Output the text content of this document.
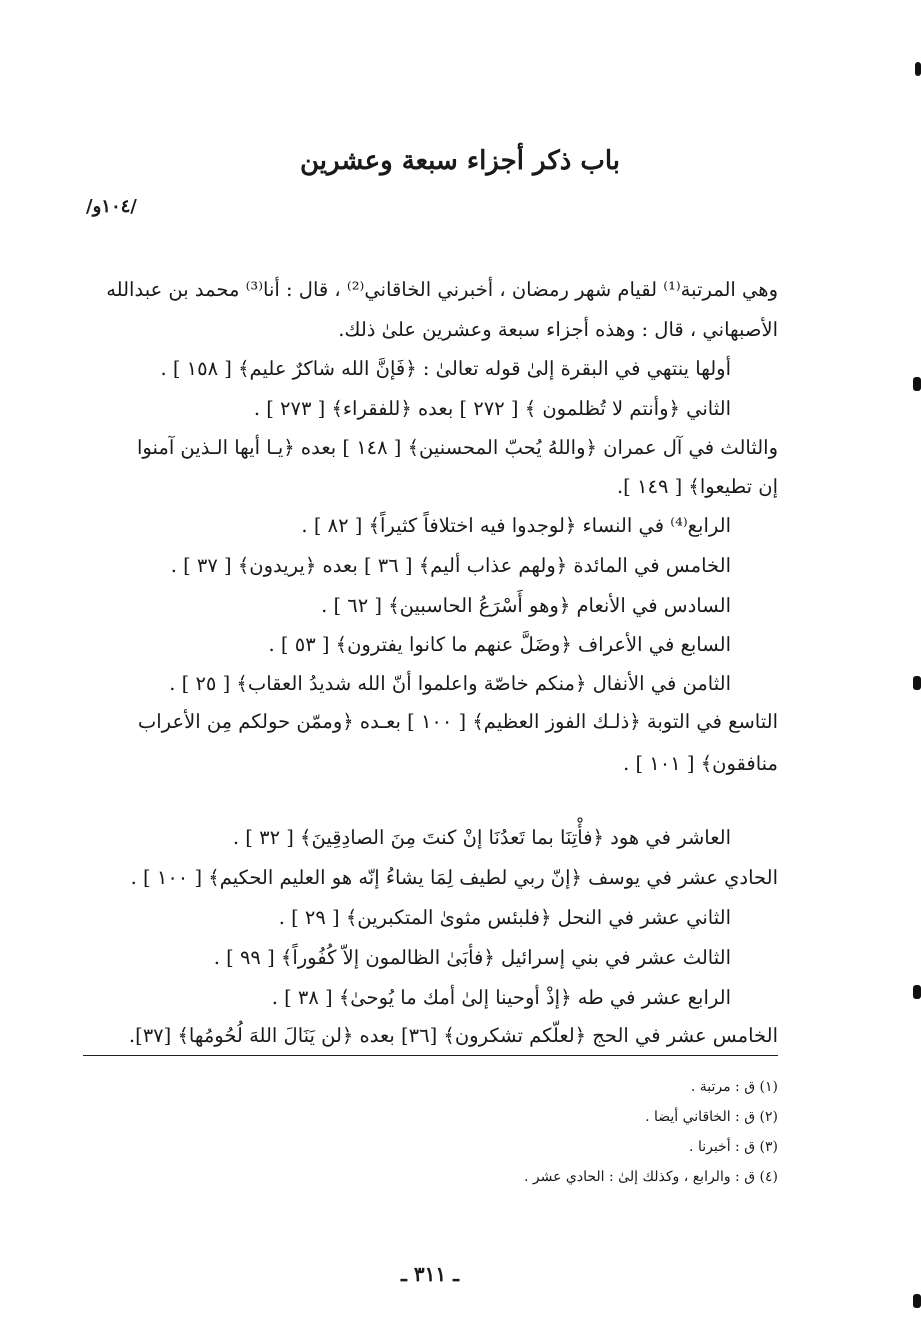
باب ذكر أجزاء سبعة وعشرين
/١٠٤و/
وهي المرتبة⁽¹⁾ لقيام شهر رمضان ، أخبرني الخاقاني⁽²⁾ ، قال : أنا⁽³⁾ محمد بن عبدالله
الأصبهاني ، قال : وهذه أجزاء سبعة وعشرين علىٰ ذلك.
أولها ينتهي في البقرة إلىٰ قوله تعالىٰ : ﴿فَإنَّ الله شاكرٌ عليم﴾ [ ١٥٨ ] .
الثاني ﴿وأنتم لا تُظلمون ﴾ [ ٢٧٢ ] بعده ﴿للفقراء﴾ [ ٢٧٣ ] .
والثالث في آل عمران ﴿واللهُ يُحبّ المحسنين﴾ [ ١٤٨ ] بعده ﴿يـا أيها الـذين آمنوا
إن تطيعوا﴾ [ ١٤٩ ].
الرابع⁽⁴⁾ في النساء ﴿لوجدوا فيه اختلافاً كثيراً﴾ [ ٨٢ ] .
الخامس في المائدة ﴿ولهم عذاب أليم﴾ [ ٣٦ ] بعده ﴿يريدون﴾ [ ٣٧ ] .
السادس في الأنعام ﴿وهو أَسْرَعُ الحاسبين﴾ [ ٦٢ ] .
السابع في الأعراف ﴿وضَلَّ عنهم ما كانوا يفترون﴾ [ ٥٣ ] .
الثامن في الأنفال ﴿منكم خاصّة واعلموا أنّ الله شديدُ العقاب﴾ [ ٢٥ ] .
التاسع في التوبة ﴿ذلـك الفوز العظيم﴾ [ ١٠٠ ] بعـده ﴿وممّن حولكم مِن الأعراب
منافقون﴾ [ ١٠١ ] .
العاشر في هود ﴿فأْتِنَا بما تَعدُنَا إنْ كنتَ مِنَ الصادِقِينَ﴾ [ ٣٢ ] .
الحادي عشر في يوسف ﴿إنّ ربي لطيف لِمَا يشاءُ إنّه هو العليم الحكيم﴾ [ ١٠٠ ] .
الثاني عشر في النحل ﴿فلبئس مثوىٰ المتكبرين﴾ [ ٢٩ ] .
الثالث عشر في بني إسرائيل ﴿فأبَىٰ الظالمون إلاّ كُفُوراً﴾ [ ٩٩ ] .
الرابع عشر في طه ﴿إذْ أوحينا إلىٰ أمك ما يُوحىٰ﴾ [ ٣٨ ] .
الخامس عشر في الحج ﴿لعلّكم تشكرون﴾ [٣٦] بعده ﴿لن يَنَالَ اللهَ لُحُومُها﴾ [٣٧].
(١) ق : مرتبة .
(٢) ق : الخاقاني أيضا .
(٣) ق : أخبرنا .
(٤) ق : والرابع ، وكذلك إلىٰ : الحادي عشر .
ـ ٣١١ ـ
